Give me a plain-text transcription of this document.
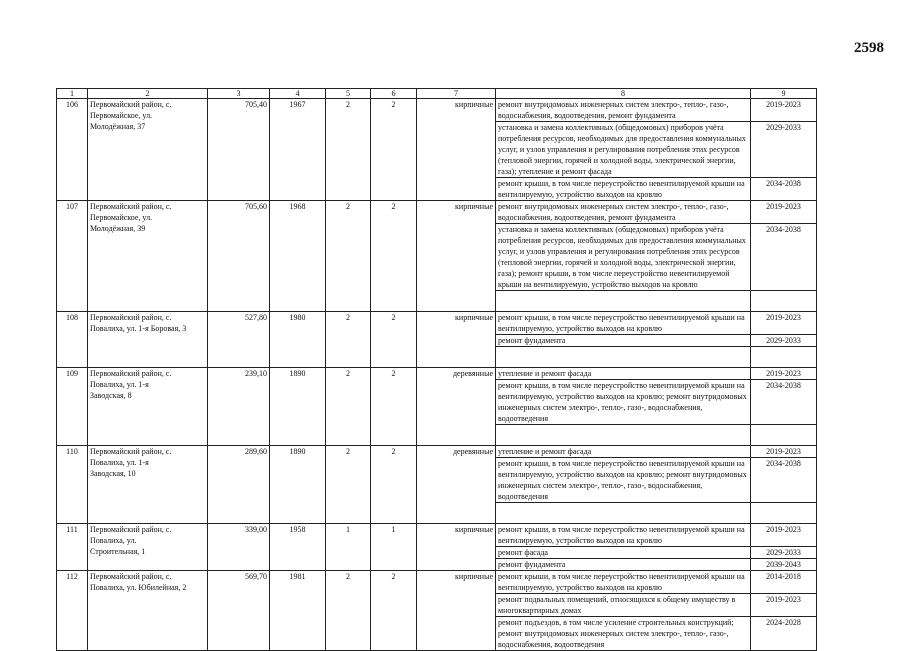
2598
1	2	3	4	5	6	7	8	9
106	Первомайский район, с.
Первомайское, ул.
Молодёжная, 37	705,40	1967	2	2	кирпичные	ремонт внутридомовых инженерных систем электро-, тепло-, газо-, водоснабжения, водоотведения, ремонт фундамента	2019-2023
							установка и замена коллективных (общедомовых) приборов учёта потребления ресурсов, необходимых для предоставления коммунальных услуг, и узлов управления и регулирования потребления этих ресурсов (тепловой энергии, горячей и холодной воды, электрической энергии, газа); утепление и ремонт фасада	2029-2033
							ремонт крыши, в том числе переустройство невентилируемой крыши на вентилируемую, устройство выходов на кровлю	2034-2038
107	Первомайский район, с.
Первомайское, ул.
Молодёжная, 39	705,60	1968	2	2	кирпичные	ремонт внутридомовых инженерных систем электро-, тепло-, газо-, водоснабжения, водоотведения, ремонт фундамента	2019-2023
							установка и замена коллективных (общедомовых) приборов учёта потребления ресурсов, необходимых для предоставления коммунальных услуг, и узлов управления и регулирования потребления этих ресурсов (тепловой энергии, горячей и холодной воды, электрической энергии, газа); ремонт крыши, в том числе переустройство невентилируемой крыши на вентилируемую, устройство выходов на кровлю	2034-2038

108	Первомайский район, с.
Повалиха, ул. 1-я Боровая, 3	527,80	1980	2	2	кирпичные	ремонт крыши, в том числе переустройство невентилируемой крыши на вентилируемую, устройство выходов на кровлю	2019-2023
							ремонт фундамента	2029-2033

109	Первомайский район, с.
Повалиха, ул. 1-я
Заводская, 8	239,10	1890	2	2	деревянные	утепление и ремонт фасада	2019-2023
							ремонт крыши, в том числе переустройство невентилируемой крыши на вентилируемую, устройство выходов на кровлю; ремонт внутридомовых инженерных систем электро-, тепло-, газо-, водоснабжения, водоотведения	2034-2038

110	Первомайский район, с.
Повалиха, ул. 1-я
Заводская, 10	289,60	1890	2	2	деревянные	утепление и ремонт фасада	2019-2023
							ремонт крыши, в том числе переустройство невентилируемой крыши на вентилируемую, устройство выходов на кровлю; ремонт внутридомовых инженерных систем электро-, тепло-, газо-, водоснабжения, водоотведения	2034-2038

111	Первомайский район, с.
Повалиха, ул.
Строительная, 1	339,00	1958	1	1	кирпичные	ремонт крыши, в том числе переустройство невентилируемой крыши на вентилируемую, устройство выходов на кровлю	2019-2023
							ремонт фасада	2029-2033
							ремонт фундамента	2039-2043
112	Первомайский район, с.
Повалиха, ул. Юбилейная, 2	569,70	1981	2	2	кирпичные	ремонт крыши, в том числе переустройство невентилируемой крыши на вентилируемую, устройство выходов на кровлю	2014-2018
							ремонт подвальных помещений, относящихся к общему имуществу в многоквартирных домах	2019-2023
							ремонт подъездов, в том числе усиление строительных конструкций; ремонт внутридомовых инженерных систем электро-, тепло-, газо-, водоснабжения, водоотведения	2024-2028
